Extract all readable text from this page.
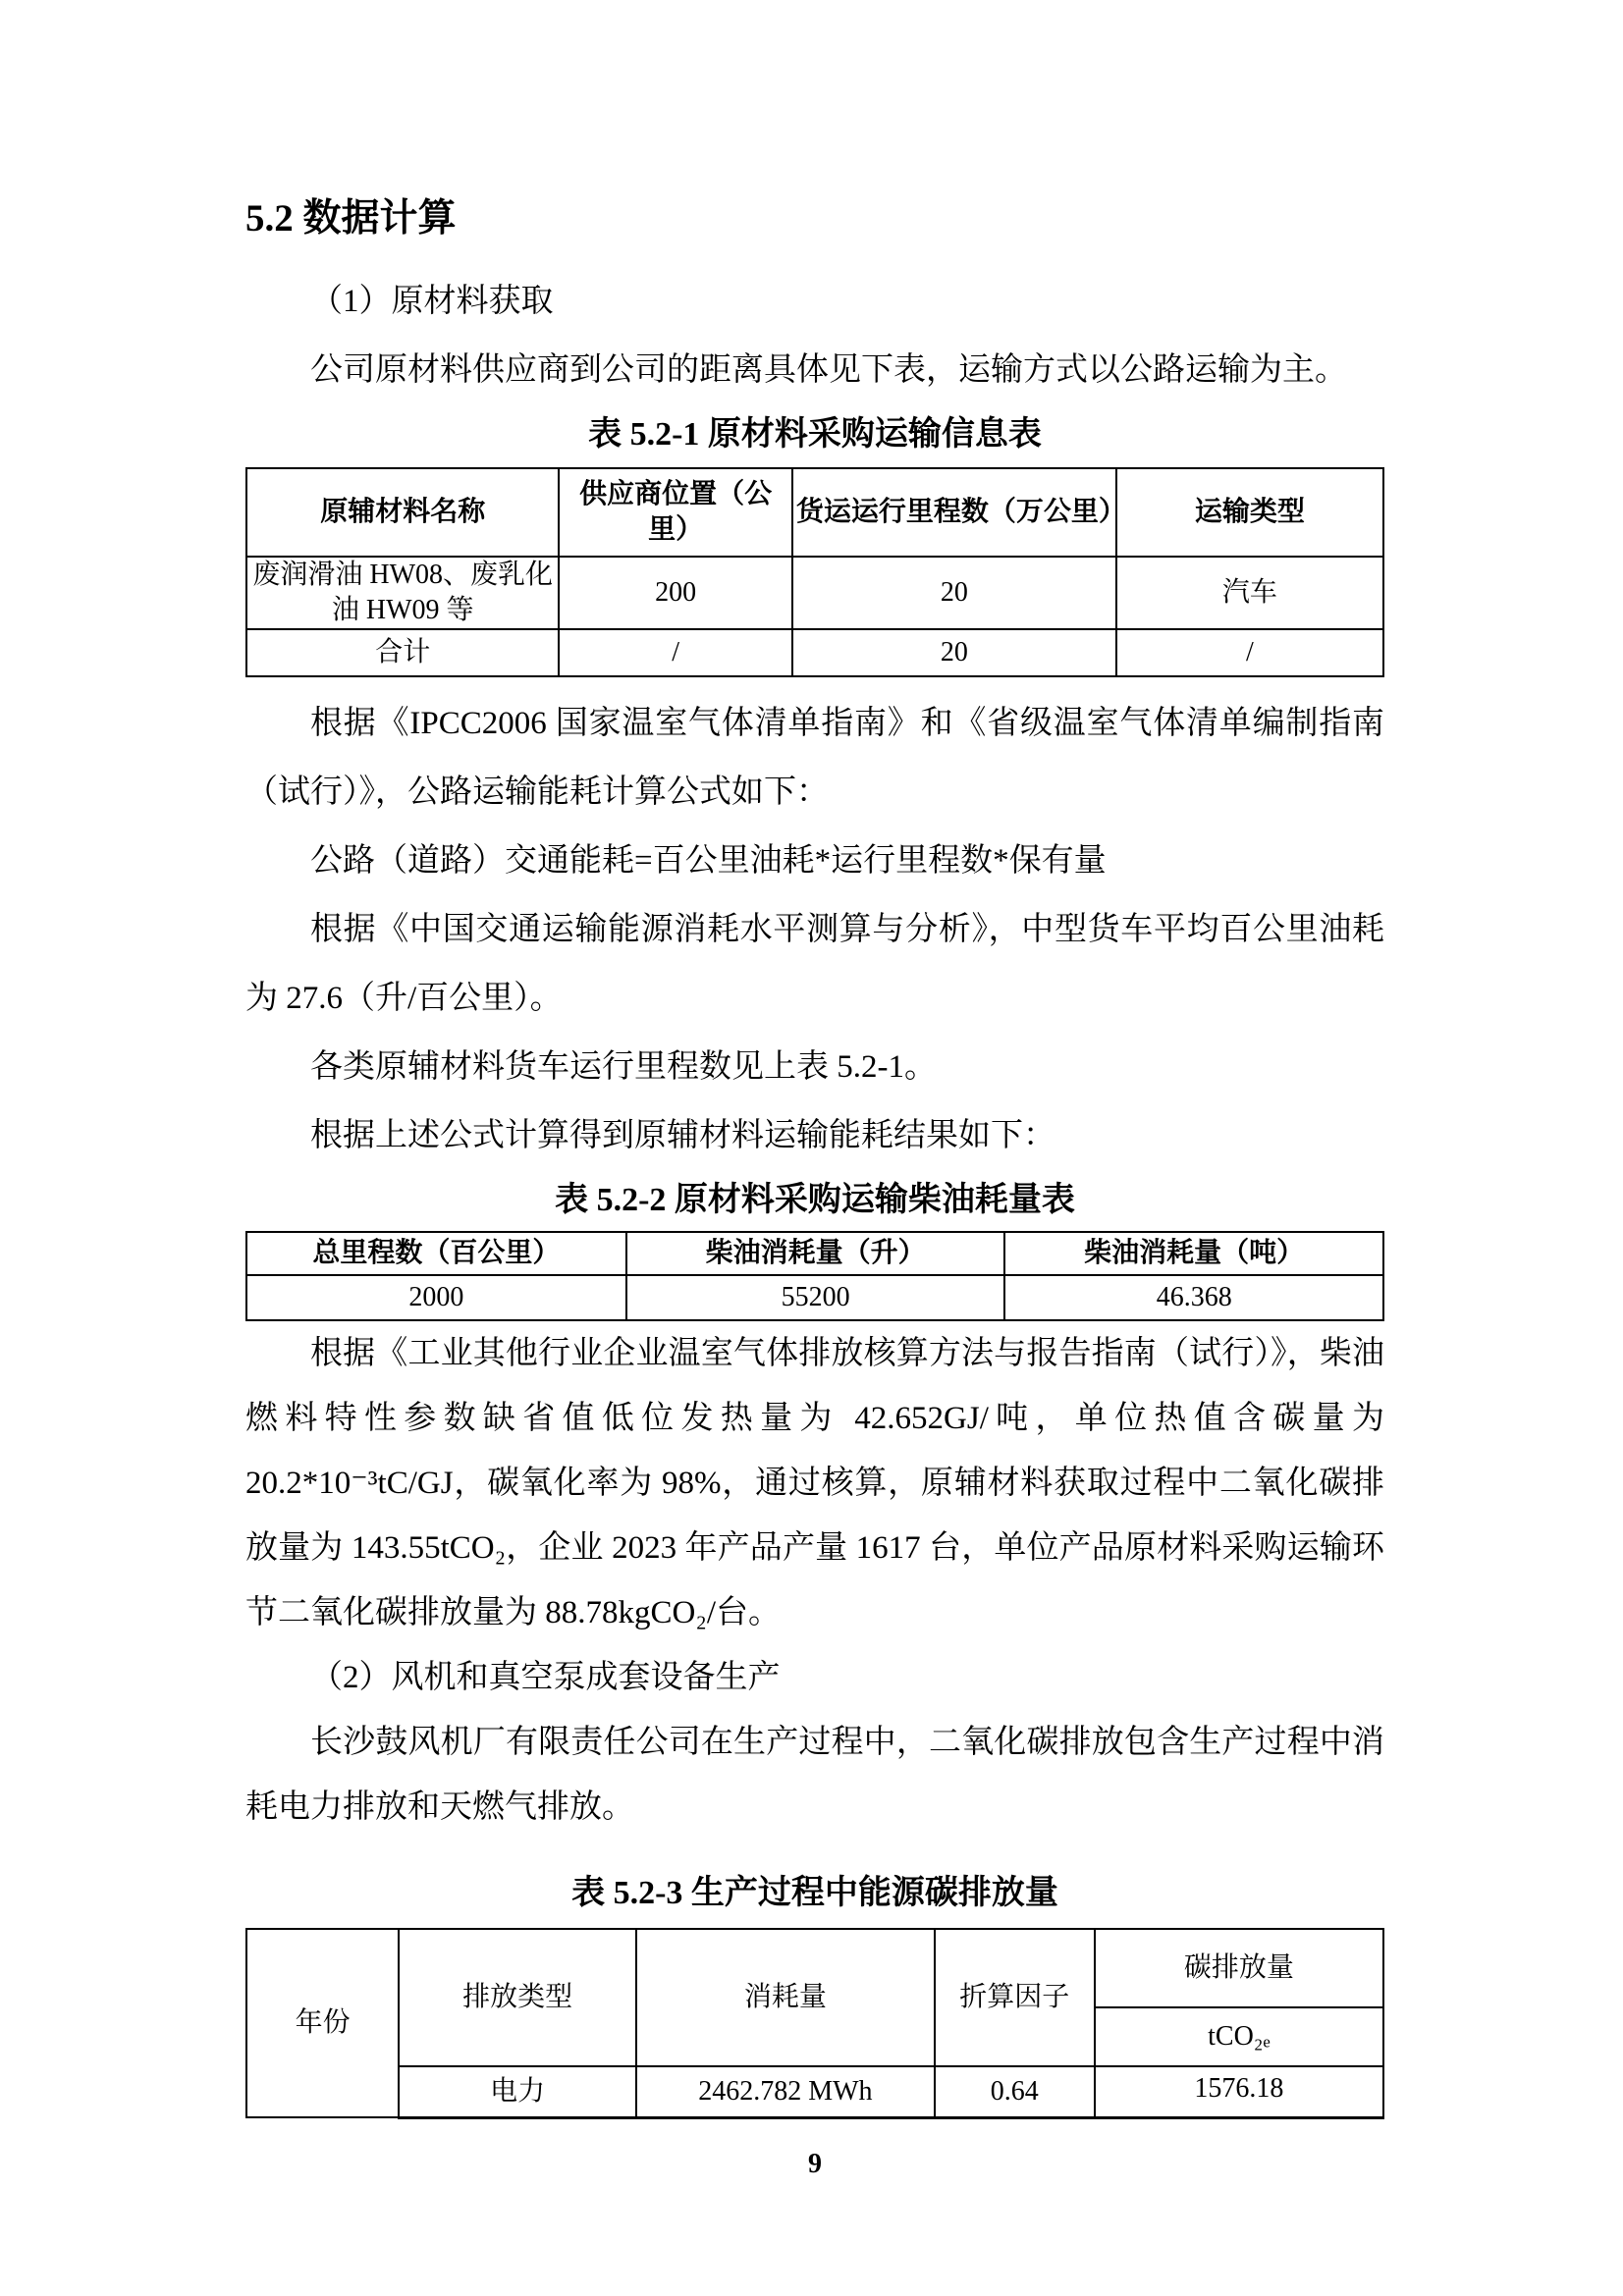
5.2 数据计算

（1）原材料获取

公司原材料供应商到公司的距离具体见下表，运输方式以公路运输为主。

表 5.2-1 原材料采购运输信息表

原辅材料名称	供应商位置（公里）	货运运行里程数（万公里）	运输类型
废润滑油 HW08、废乳化油 HW09 等	200	20	汽车
合计	/	20	/

根据《IPCC2006 国家温室气体清单指南》和《省级温室气体清单编制指南（试行）》，公路运输能耗计算公式如下：

公路（道路）交通能耗=百公里油耗*运行里程数*保有量

根据《中国交通运输能源消耗水平测算与分析》，中型货车平均百公里油耗为 27.6（升/百公里）。

各类原辅材料货车运行里程数见上表 5.2-1。

根据上述公式计算得到原辅材料运输能耗结果如下：

表 5.2-2 原材料采购运输柴油耗量表

总里程数（百公里）	柴油消耗量（升）	柴油消耗量（吨）
2000	55200	46.368

根据《工业其他行业企业温室气体排放核算方法与报告指南（试行）》，柴油燃料特性参数缺省值低位发热量为 42.652GJ/吨，单位热值含碳量为 20.2*10⁻³tC/GJ，碳氧化率为 98%，通过核算，原辅材料获取过程中二氧化碳排放量为 143.55tCO₂，企业 2023 年产品产量 1617 台，单位产品原材料采购运输环节二氧化碳排放量为 88.78kgCO₂/台。

（2）风机和真空泵成套设备生产

长沙鼓风机厂有限责任公司在生产过程中，二氧化碳排放包含生产过程中消耗电力排放和天燃气排放。

表 5.2-3 生产过程中能源碳排放量

年份	排放类型	消耗量	折算因子	碳排放量
				tCO₂ₑ
	电力	2462.782 MWh	0.64	1576.18
9
